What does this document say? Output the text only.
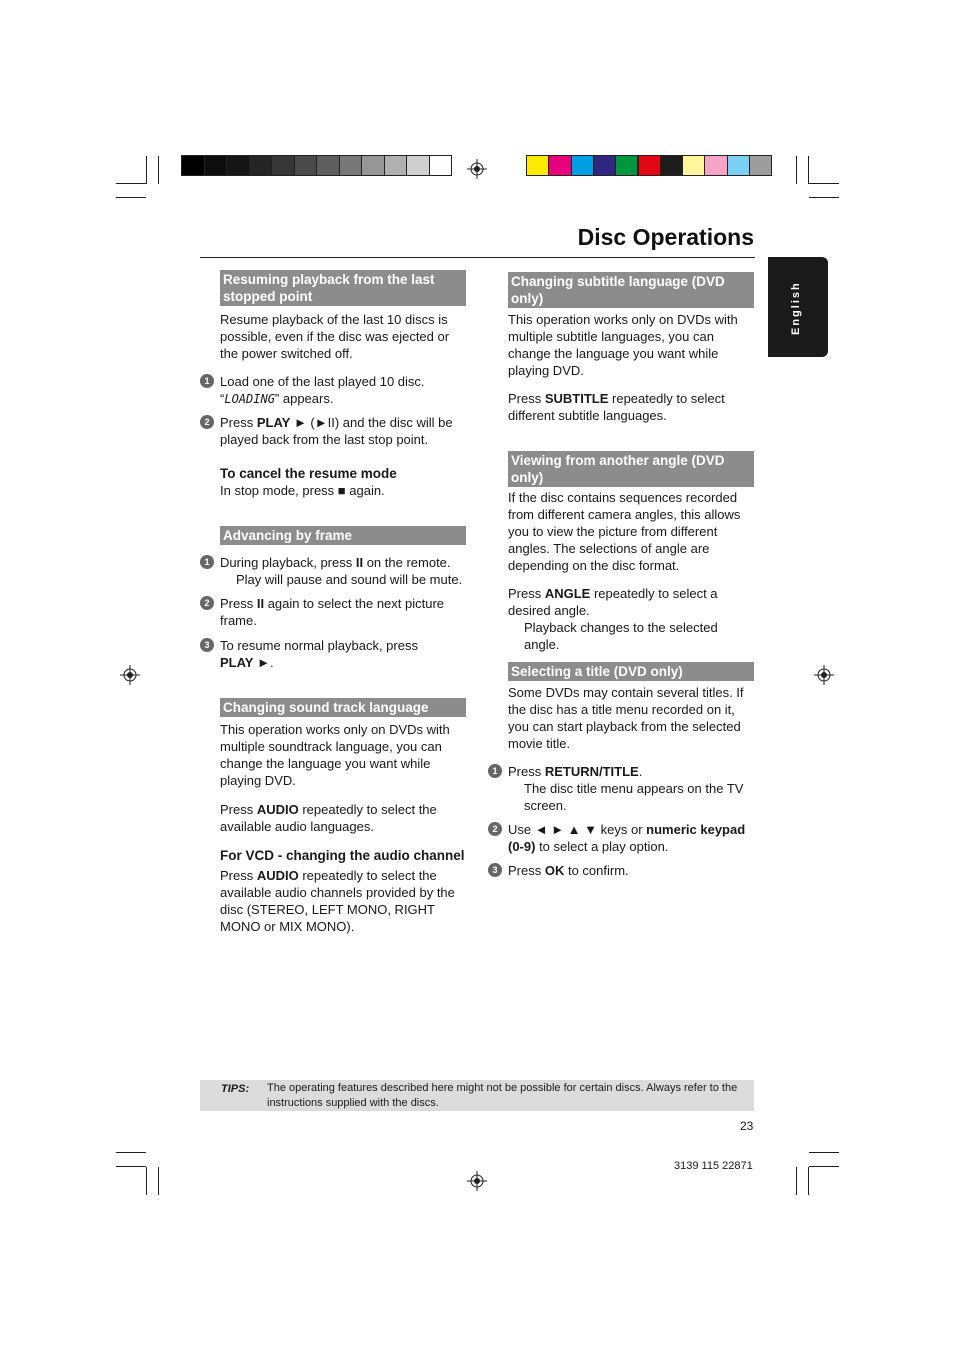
Disc Operations
English
Resuming playback from the last stopped point

Resume playback of the last 10 discs is possible, even if the disc was ejected or the power switched off.

1 Load one of the last played 10 disc.
“LOADING” appears.
2 Press PLAY ► (►II) and the disc will be played back from the last stop point.
To cancel the resume mode
In stop mode, press ■ again.
Advancing by frame
1 During playback, press II on the remote.
Play will pause and sound will be mute.
2 Press II again to select the next picture frame.
3 To resume normal playback, press
PLAY ►.
Changing sound track language

This operation works only on DVDs with multiple soundtrack language, you can change the language you want while playing DVD.

Press AUDIO repeatedly to select the available audio languages.

For VCD - changing the audio channel

Press AUDIO repeatedly to select the available audio channels provided by the disc (STEREO, LEFT MONO, RIGHT MONO or MIX MONO).

Changing subtitle language (DVD only)

This operation works only on DVDs with multiple subtitle languages, you can change the language you want while playing DVD.

Press SUBTITLE repeatedly to select different subtitle languages.

Viewing from another angle (DVD only)

If the disc contains sequences recorded from different camera angles, this allows you to view the picture from different angles. The selections of angle are depending on the disc format.

Press ANGLE repeatedly to select a desired angle.

Playback changes to the selected angle.

Selecting a title (DVD only)

Some DVDs may contain several titles. If the disc has a title menu recorded on it, you can start playback from the selected movie title.

1 Press RETURN/TITLE.
The disc title menu appears on the TV screen.
2 Use ◄ ► ▲ ▼ keys or numeric keypad (0-9) to select a play option.
3 Press OK to confirm.
TIPS: The operating features described here might not be possible for certain discs. Always refer to the instructions supplied with the discs.
23
3139 115 22871
